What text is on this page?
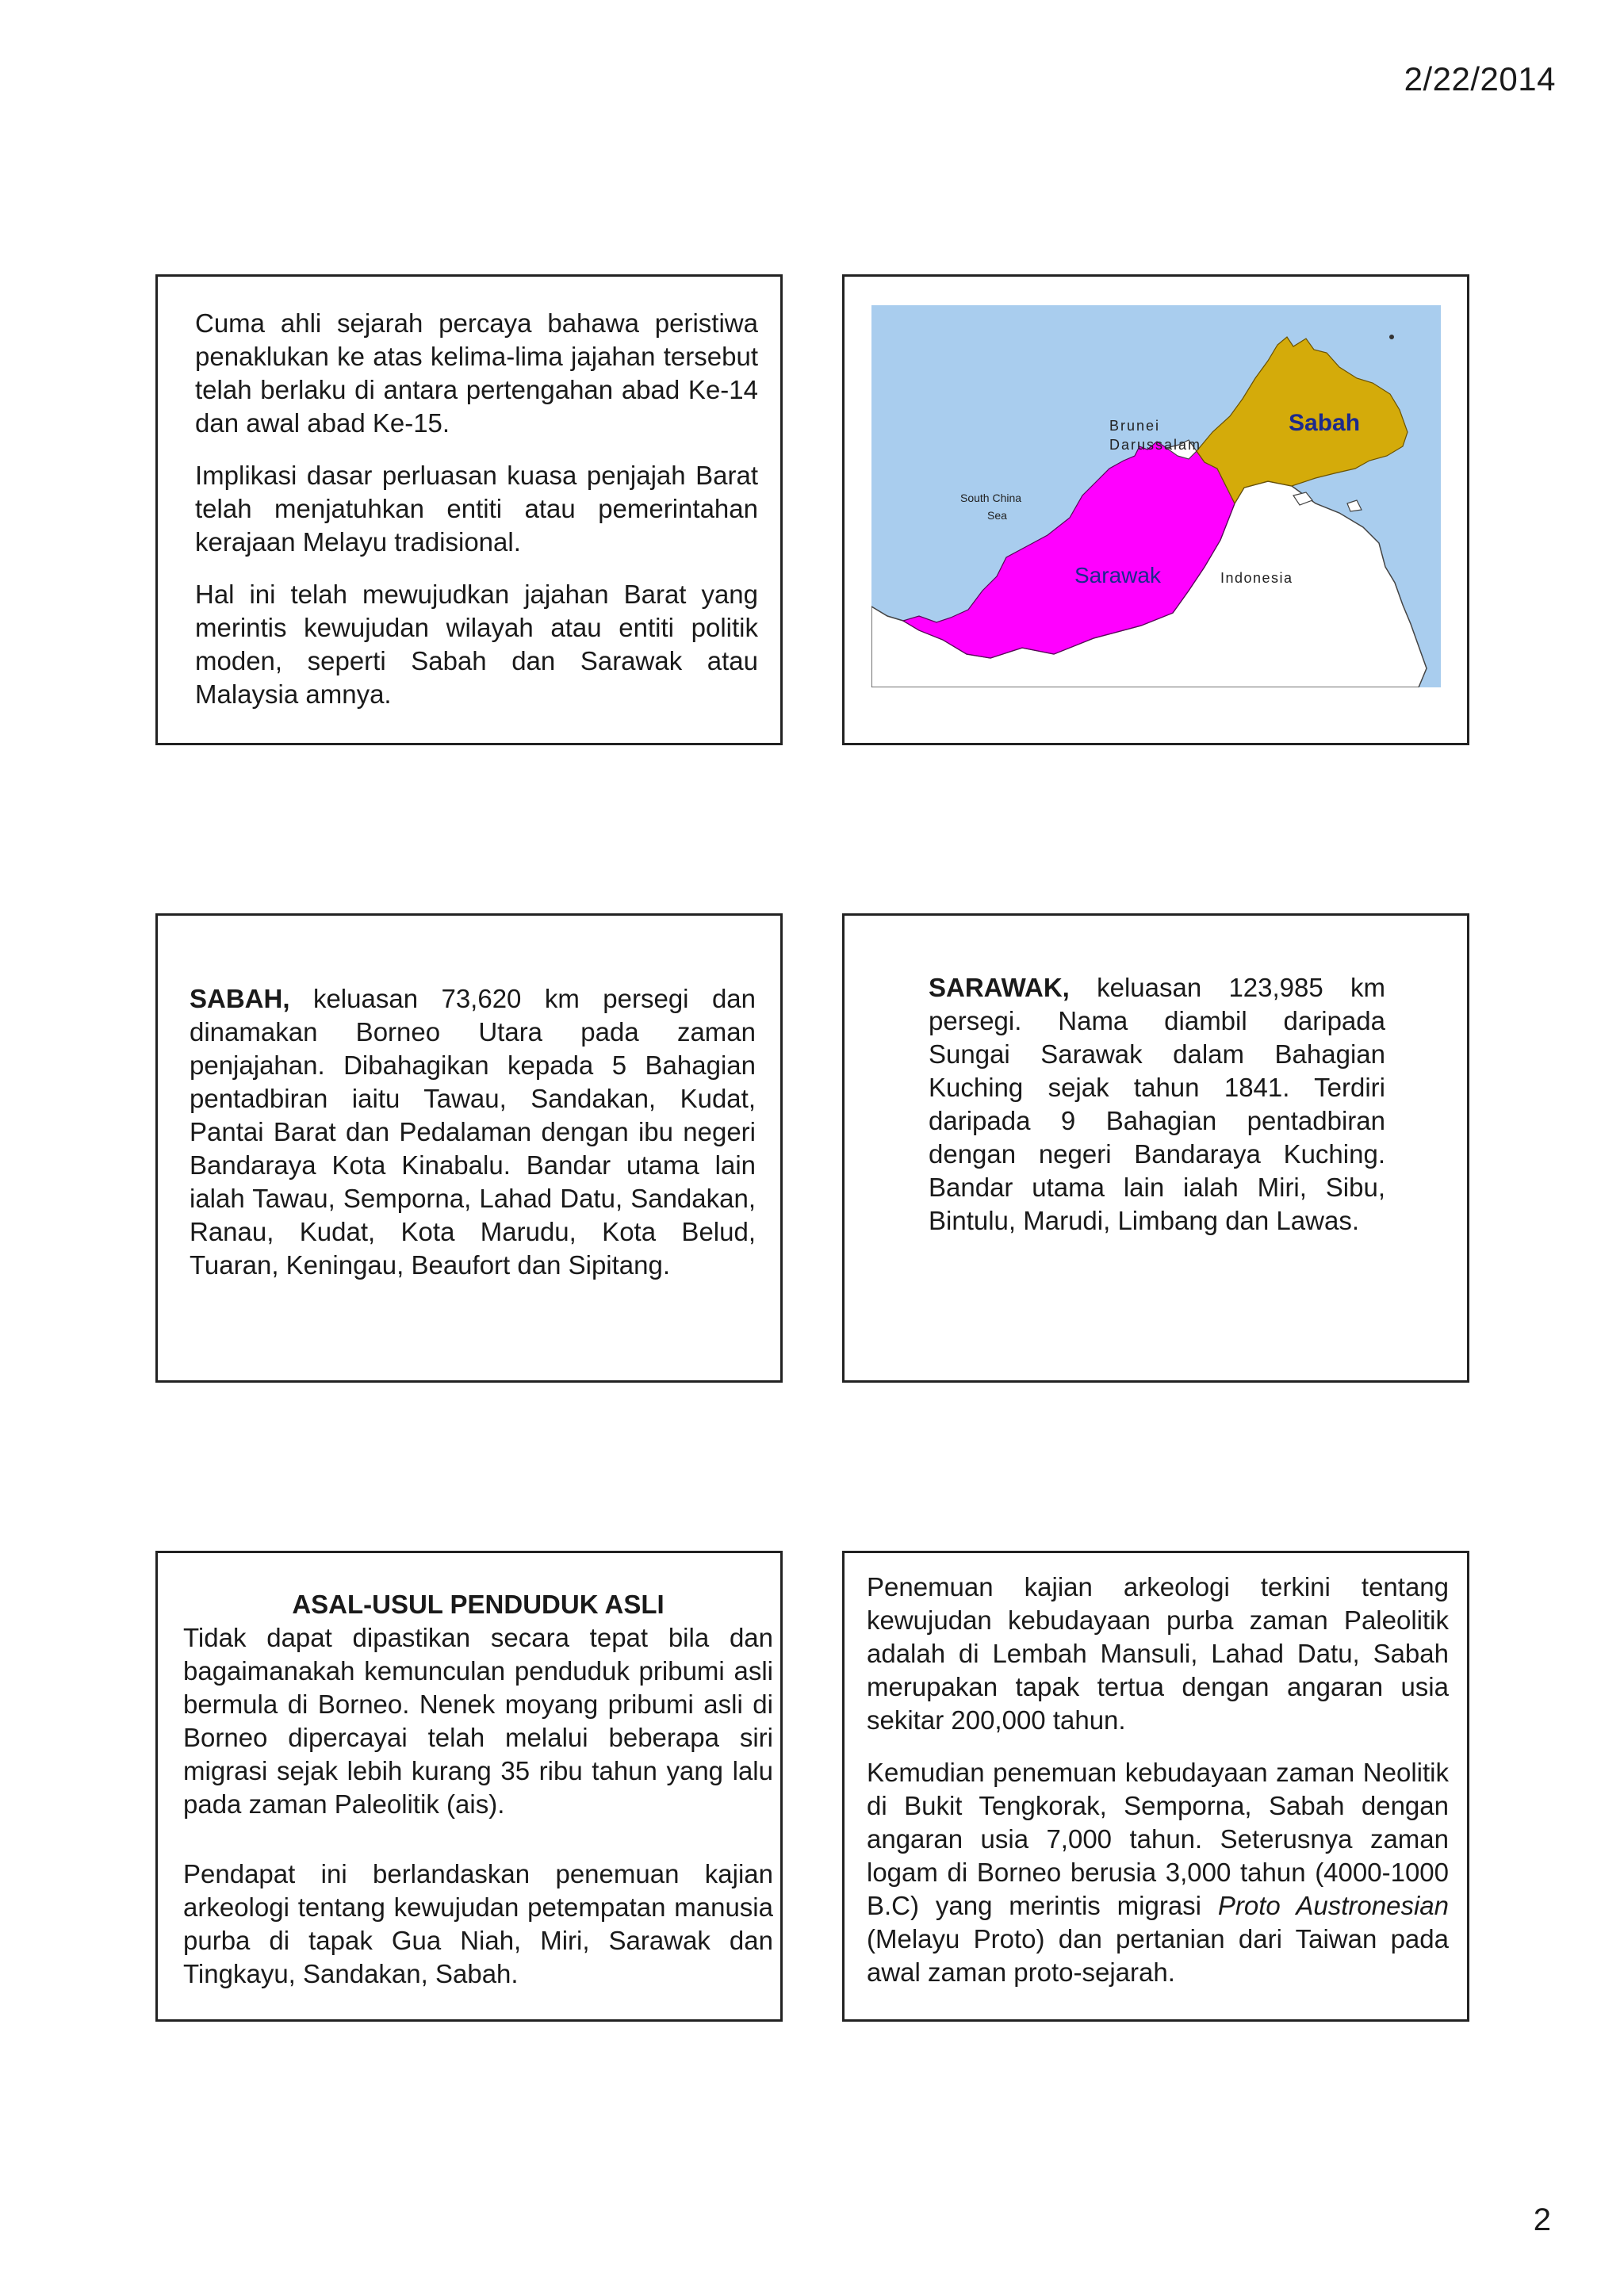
2/22/2014

Cuma ahli sejarah percaya bahawa peristiwa penaklukan ke atas kelima-lima jajahan tersebut telah berlaku di antara pertengahan abad Ke-14 dan awal abad Ke-15.

Implikasi dasar perluasan kuasa penjajah Barat telah menjatuhkan entiti atau pemerintahan kerajaan Melayu tradisional.

Hal ini telah mewujudkan jajahan Barat yang merintis kewujudan wilayah atau entiti politik moden, seperti Sabah dan Sarawak atau Malaysia amnya.

Sabah
Brunei
Darussalam
South China
Sea
Sarawak	Indonesia
SABAH, keluasan 73,620 km persegi dan dinamakan Borneo Utara pada zaman penjajahan. Dibahagikan kepada 5 Bahagian pentadbiran iaitu Tawau, Sandakan, Kudat, Pantai Barat dan Pedalaman dengan ibu negeri Bandaraya Kota Kinabalu. Bandar utama lain ialah Tawau, Semporna, Lahad Datu, Sandakan, Ranau, Kudat, Kota Marudu, Kota Belud, Tuaran, Keningau, Beaufort dan Sipitang.
SARAWAK, keluasan 123,985 km persegi. Nama diambil daripada Sungai Sarawak dalam Bahagian Kuching sejak tahun 1841. Terdiri daripada 9 Bahagian pentadbiran dengan negeri Bandaraya Kuching. Bandar utama lain ialah Miri, Sibu, Bintulu, Marudi, Limbang dan Lawas.
ASAL-USUL PENDUDUK ASLI

Tidak dapat dipastikan secara tepat bila dan bagaimanakah kemunculan penduduk pribumi asli bermula di Borneo. Nenek moyang pribumi asli di Borneo dipercayai telah melalui beberapa siri migrasi sejak lebih kurang 35 ribu tahun yang lalu pada zaman Paleolitik (ais).

Pendapat ini berlandaskan penemuan kajian arkeologi tentang kewujudan petempatan manusia purba di tapak Gua Niah, Miri, Sarawak dan Tingkayu, Sandakan, Sabah.

Penemuan kajian arkeologi terkini tentang kewujudan kebudayaan purba zaman Paleolitik adalah di Lembah Mansuli, Lahad Datu, Sabah merupakan tapak tertua dengan angaran usia sekitar 200,000 tahun.

Kemudian penemuan kebudayaan zaman Neolitik di Bukit Tengkorak, Semporna, Sabah dengan angaran usia 7,000 tahun. Seterusnya zaman logam di Borneo berusia 3,000 tahun (4000-1000 B.C) yang merintis migrasi Proto Austronesian (Melayu Proto) dan pertanian dari Taiwan pada awal zaman proto-sejarah.

2
